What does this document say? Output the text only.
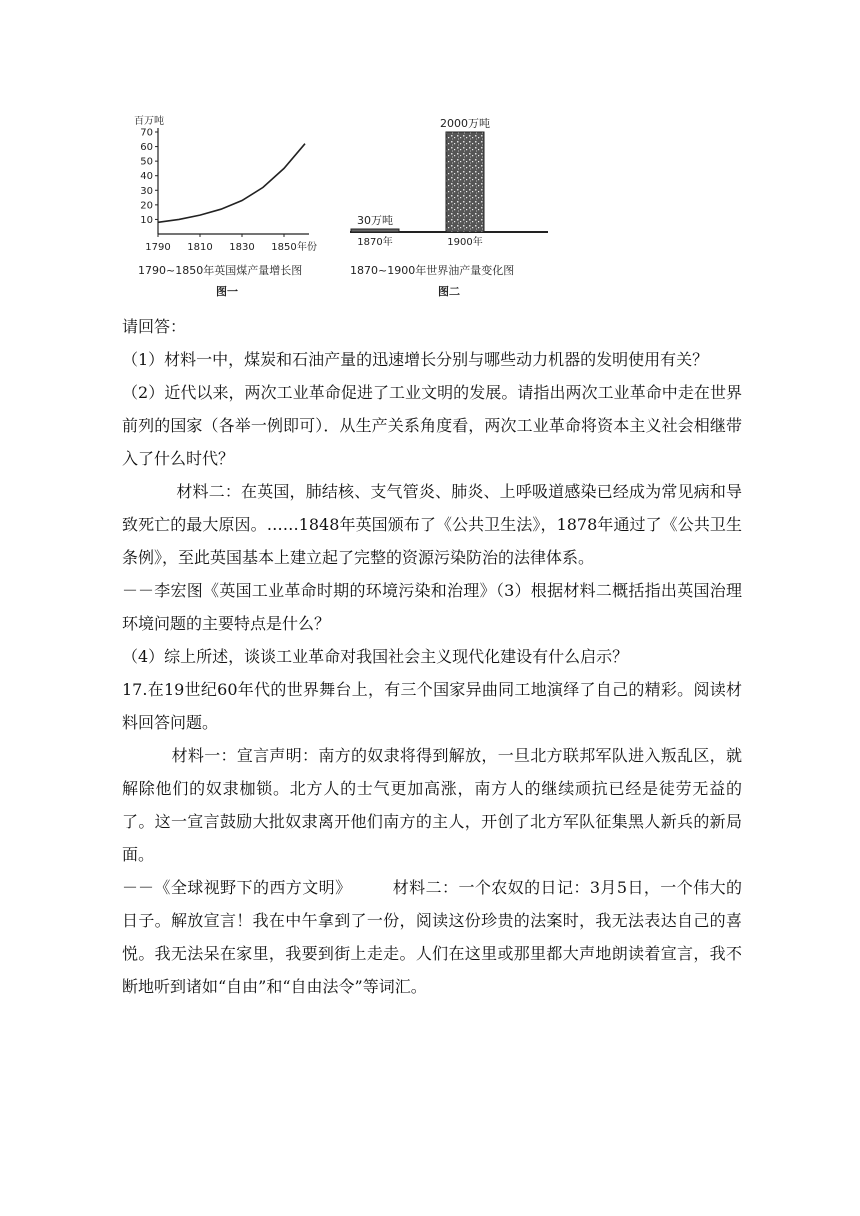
百万吨
10
20
30
40
50
60
70
1790 1810 1830 1850 年份
1790~1850年英国煤产量增长图
图一
30万吨
1870年
2000万吨
1900年
1870~1900年世界油产量变化图
图二

请回答：

（1）材料一中，煤炭和石油产量的迅速增长分别与哪些动力机器的发明使用有关？

（2）近代以来，两次工业革命促进了工业文明的发展。请指出两次工业革命中走在世界前列的国家（各举一例即可）．从生产关系角度看，两次工业革命将资本主义社会相继带入了什么时代？

材料二：在英国，肺结核、支气管炎、肺炎、上呼吸道感染已经成为常见病和导致死亡的最大原因。……1848年英国颁布了《公共卫生法》，1878年通过了《公共卫生条例》，至此英国基本上建立起了完整的资源污染防治的法律体系。

－－李宏图《英国工业革命时期的环境污染和治理》（3）根据材料二概括指出英国治理环境问题的主要特点是什么？

（4）综上所述，谈谈工业革命对我国社会主义现代化建设有什么启示？

17.在19世纪60年代的世界舞台上，有三个国家异曲同工地演绎了自己的精彩。阅读材料回答问题。

材料一：宣言声明：南方的奴隶将得到解放，一旦北方联邦军队进入叛乱区，就解除他们的奴隶枷锁。北方人的士气更加高涨，南方人的继续顽抗已经是徒劳无益的了。这一宣言鼓励大批奴隶离开他们南方的主人，开创了北方军队征集黑人新兵的新局面。

－－《全球视野下的西方文明》　　　材料二：一个农奴的日记：3月5日，一个伟大的日子。解放宣言！我在中午拿到了一份，阅读这份珍贵的法案时，我无法表达自己的喜悦。我无法呆在家里，我要到街上走走。人们在这里或那里都大声地朗读着宣言，我不断地听到诸如“自由”和“自由法令”等词汇。
